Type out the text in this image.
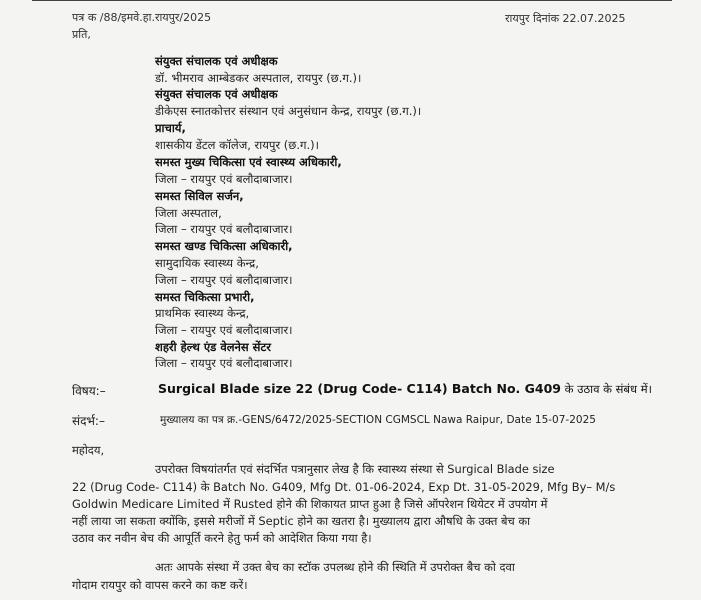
पत्र क /88/इमवे.हा.रायपुर/2025	रायपुर दिनांक 22.07.2025
प्रति,
संयुक्त संचालक एवं अधीक्षक
डॉ. भीमराव आम्बेडकर अस्पताल, रायपुर (छ.ग.)।
संयुक्त संचालक एवं अधीक्षक
डीकेएस स्नातकोत्तर संस्थान एवं अनुसंधान केन्द्र, रायपुर (छ.ग.)।
प्राचार्य,
शासकीय डेंटल कॉलेज, रायपुर (छ.ग.)।
समस्त मुख्य चिकित्सा एवं स्वास्थ्य अधिकारी,
जिला – रायपुर एवं बलौदाबाजार।
समस्त सिविल सर्जन,
जिला अस्पताल,
जिला – रायपुर एवं बलौदाबाजार।
समस्त खण्ड चिकित्सा अधिकारी,
सामुदायिक स्वास्थ्य केन्द्र,
जिला – रायपुर एवं बलौदाबाजार।
समस्त चिकित्सा प्रभारी,
प्राथमिक स्वास्थ्य केन्द्र,
जिला – रायपुर एवं बलौदाबाजार।
शहरी हेल्थ एंड वेलनेस सेंटर
जिला – रायपुर एवं बलौदाबाजार।
विषय:–	Surgical Blade size 22 (Drug Code- C114) Batch No. G409 के उठाव के संबंध में।
संदर्भ:–	मुख्यालय का पत्र क्र.-GENS/6472/2025-SECTION CGMSCL Nawa Raipur, Date 15-07-2025
महोदय,
उपरोक्त विषयांतर्गत एवं संदर्भित पत्रानुसार लेख है कि स्वास्थ्य संस्था से Surgical Blade size
22 (Drug Code- C114) के Batch No. G409, Mfg Dt. 01-06-2024, Exp Dt. 31-05-2029, Mfg By– M/s
Goldwin Medicare Limited में Rusted होने की शिकायत प्राप्त हुआ है जिसे ऑपरेशन थियेटर में उपयोग में
नहीं लाया जा सकता क्योंकि, इससे मरीजों में Septic होने का खतरा है। मुख्यालय द्वारा औषधि के उक्त बेच का
उठाव कर नवीन बेच की आपूर्ति करने हेतु फर्म को आदेशित किया गया है।
अतः आपके संस्था में उक्त बेच का स्टॉक उपलब्ध होने की स्थिति में उपरोक्त बैच को दवा
गोदाम रायपुर को वापस करने का कष्ट करें।
